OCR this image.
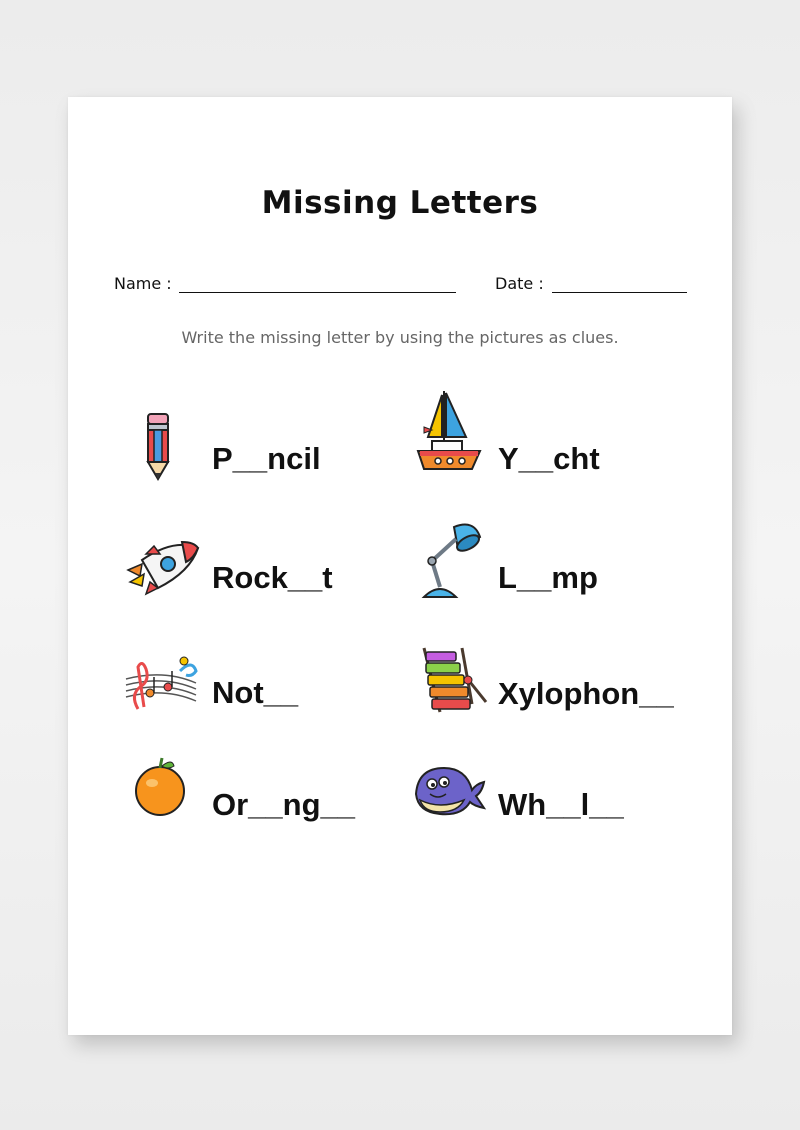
Missing Letters
Name :	Date :
Write the missing letter by using the pictures as clues.
P__ncil	Y__cht
Rock__t	L__mp
Not__	Xylophon__
Or__ng__	Wh__l__
